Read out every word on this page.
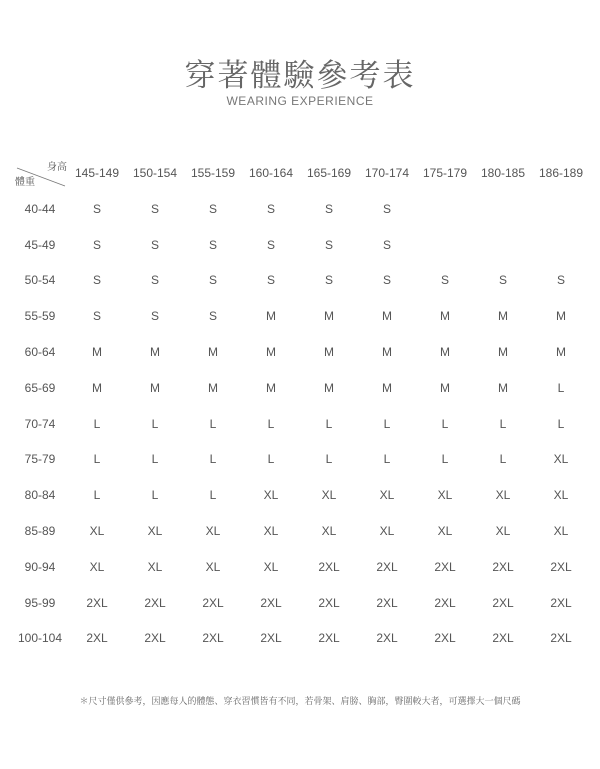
穿著體驗參考表
WEARING EXPERIENCE
身高
體重
	145-149	150-154	155-159	160-164	165-169	170-174	175-179	180-185	186-189
40-44	S	S	S	S	S	S			
45-49	S	S	S	S	S	S			
50-54	S	S	S	S	S	S	S	S	S
55-59	S	S	S	M	M	M	M	M	M
60-64	M	M	M	M	M	M	M	M	M
65-69	M	M	M	M	M	M	M	M	L
70-74	L	L	L	L	L	L	L	L	L
75-79	L	L	L	L	L	L	L	L	XL
80-84	L	L	L	XL	XL	XL	XL	XL	XL
85-89	XL	XL	XL	XL	XL	XL	XL	XL	XL
90-94	XL	XL	XL	XL	2XL	2XL	2XL	2XL	2XL
95-99	2XL	2XL	2XL	2XL	2XL	2XL	2XL	2XL	2XL
100-104	2XL	2XL	2XL	2XL	2XL	2XL	2XL	2XL	2XL
＊尺寸僅供參考，因應每人的體態、穿衣習慣皆有不同，若骨架、肩膀、胸部，臀圍較大者，可選擇大一個尺碼
